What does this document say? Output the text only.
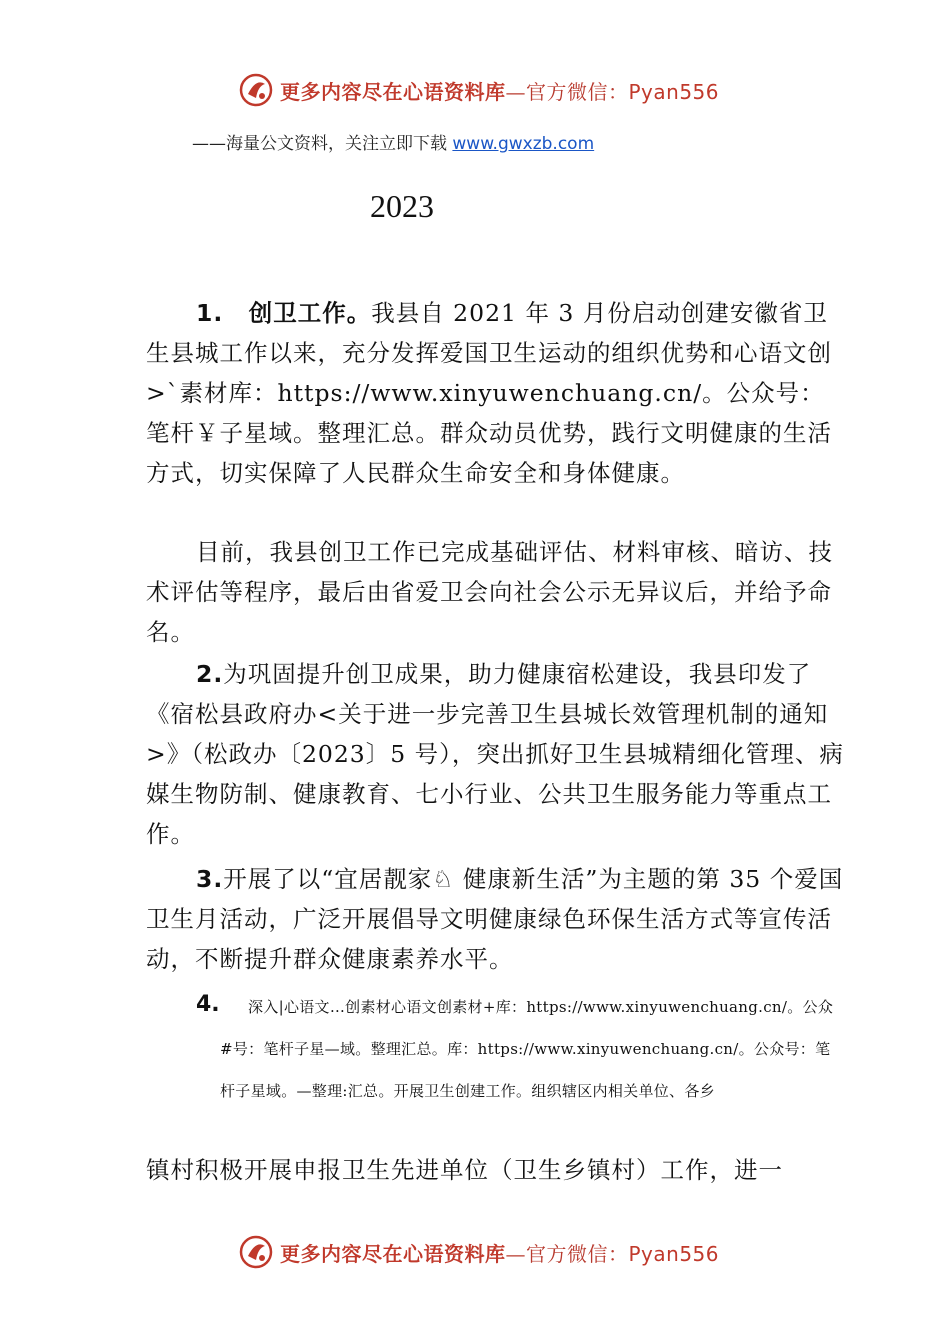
更多内容尽在心语资料库—官方微信：Pyan556
——海量公文资料，关注立即下载 www.gwxzb.com
2023
1. 创卫工作。我县自 2021 年 3 月份启动创建安徽省卫生县城工作以来，充分发挥爱国卫生运动的组织优势和心语文创>`素材库：https://www.xinyuwenchuang.cn/。公众号：笔杆￥子星域。整理汇总。群众动员优势，践行文明健康的生活方式，切实保障了人民群众生命安全和身体健康。
目前，我县创卫工作已完成基础评估、材料审核、暗访、技术评估等程序，最后由省爱卫会向社会公示无异议后，并给予命名。
2.为巩固提升创卫成果，助力健康宿松建设，我县印发了《宿松县政府办<关于进一步完善卫生县城长效管理机制的通知>》（松政办〔2023〕5 号），突出抓好卫生县城精细化管理、病媒生物防制、健康教育、七小行业、公共卫生服务能力等重点工作。
3.开展了以“宜居靓家♘ 健康新生活”为主题的第 35 个爱国卫生月活动，广泛开展倡导文明健康绿色环保生活方式等宣传活动，不断提升群众健康素养水平。
4.	深入|心语文…创素材心语文创素材+库：https://www.xinyuwenchuang.cn/。公众#号：笔杆子星—域。整理汇总。库：https://www.xinyuwenchuang.cn/。公众号：笔杆子星域。—整理:汇总。开展卫生创建工作。组织辖区内相关单位、各乡
镇村积极开展申报卫生先进单位（卫生乡镇村）工作，进一
更多内容尽在心语资料库—官方微信：Pyan556
